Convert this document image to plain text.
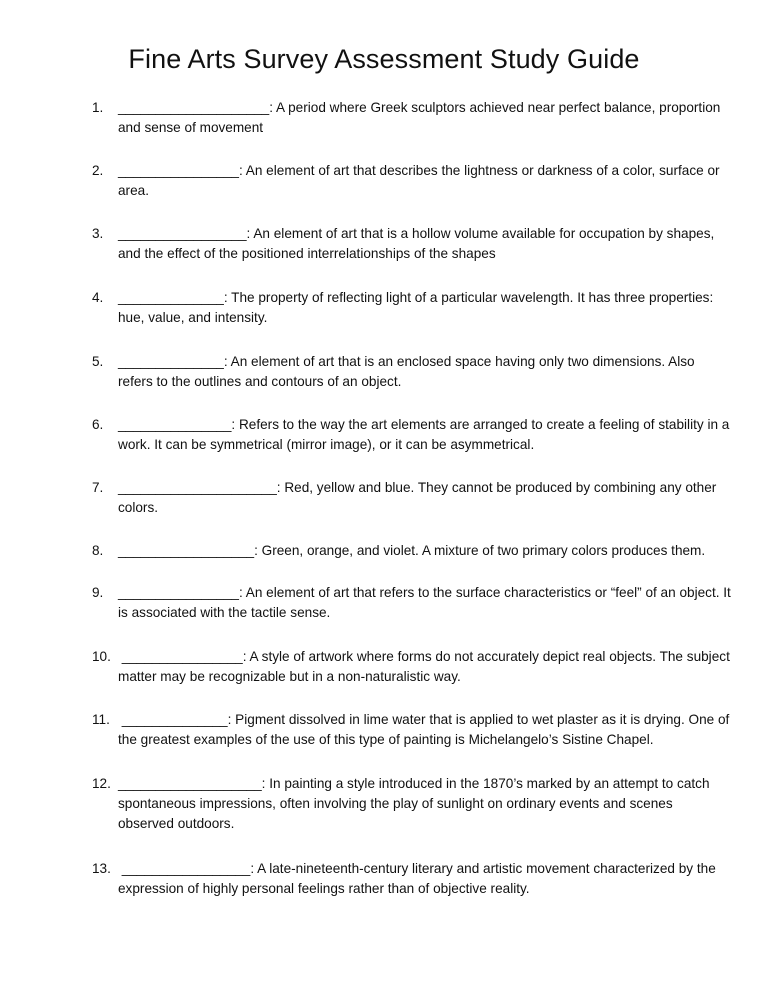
Fine Arts Survey Assessment Study Guide
1.	____________________: A period where Greek sculptors achieved near perfect balance, proportion and sense of movement
2.	________________: An element of art that describes the lightness or darkness of a color, surface or area.
3.	_________________: An element of art that is a hollow volume available for occupation by shapes, and the effect of the positioned interrelationships of the shapes
4.	______________: The property of reflecting light of a particular wavelength. It has three properties: hue, value, and intensity.
5.	______________: An element of art that is an enclosed space having only two dimensions. Also refers to the outlines and contours of an object.
6.	_______________: Refers to the way the art elements are arranged to create a feeling of stability in a work. It can be symmetrical (mirror image), or it can be asymmetrical.
7.	_____________________: Red, yellow and blue. They cannot be produced by combining any other colors.
8.	__________________: Green, orange, and violet. A mixture of two primary colors produces them.
9.	________________: An element of art that refers to the surface characteristics or “feel” of an object. It is associated with the tactile sense.
10. ________________: A style of artwork where forms do not accurately depict real objects. The subject matter may be recognizable but in a non-naturalistic way.
11. ______________: Pigment dissolved in lime water that is applied to wet plaster as it is drying. One of the greatest examples of the use of this type of painting is Michelangelo’s Sistine Chapel.
12. ___________________: In painting a style introduced in the 1870’s marked by an attempt to catch spontaneous impressions, often involving the play of sunlight on ordinary events and scenes observed outdoors.
13. _________________: A late-nineteenth-century literary and artistic movement characterized by the expression of highly personal feelings rather than of objective reality.
